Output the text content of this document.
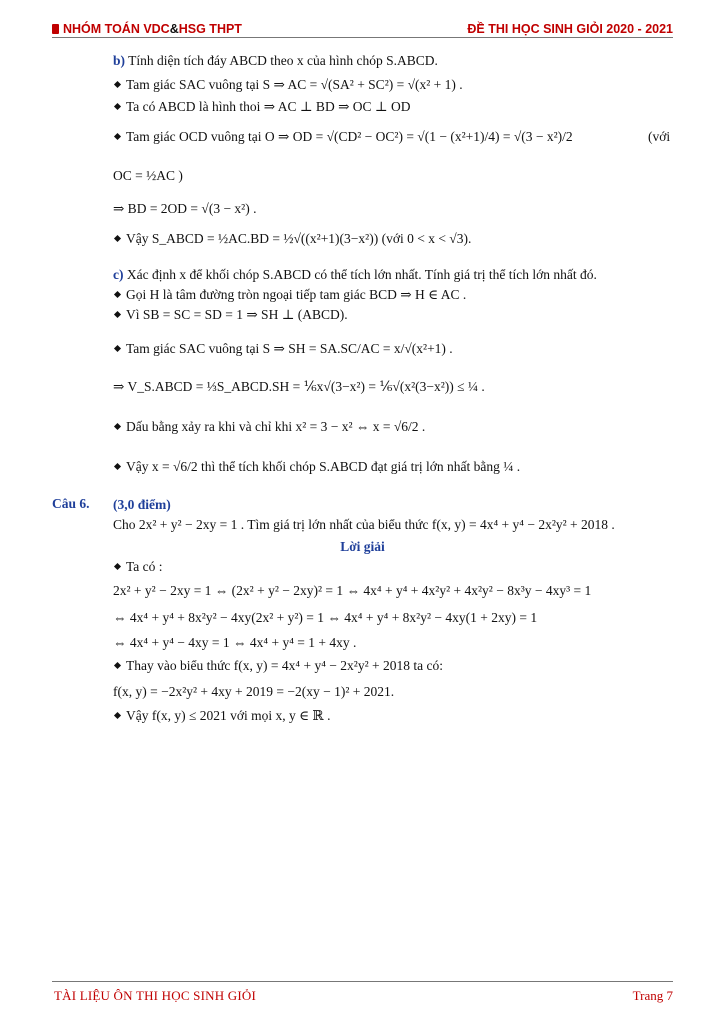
NHÓM TOÁN VDC&HSG THPT	ĐỀ THI HỌC SINH GIỎI 2020 - 2021
b) Tính diện tích đáy ABCD theo x của hình chóp S.ABCD.
Tam giác SAC vuông tại S ⇒ AC = √(SA² + SC²) = √(x² + 1) .
Ta có ABCD là hình thoi ⇒ AC ⊥ BD ⇒ OC ⊥ OD
Tam giác OCD vuông tại O ⇒ OD = √(CD² − OC²) = √(1 − (x²+1)/4) = √(3 − x²)/2	(với
OC = ½AC )
⇒ BD = 2OD = √(3 − x²) .
Vậy S_ABCD = ½AC.BD = ½√((x²+1)(3−x²)) (với 0 < x < √3).
c) Xác định x để khối chóp S.ABCD có thể tích lớn nhất. Tính giá trị thể tích lớn nhất đó.
Gọi H là tâm đường tròn ngoại tiếp tam giác BCD ⇒ H ∈ AC .
Vì SB = SC = SD = 1 ⇒ SH ⊥ (ABCD).
Tam giác SAC vuông tại S ⇒ SH = SA.SC/AC = x/√(x²+1) .
⇒ V_S.ABCD = ⅓S_ABCD.SH = ⅙x√(3−x²) = ⅙√(x²(3−x²)) ≤ ¼ .
Dấu bằng xảy ra khi và chỉ khi x² = 3 − x² ⇔ x = √6/2 .
Vậy x = √6/2 thì thể tích khối chóp S.ABCD đạt giá trị lớn nhất bằng ¼ .
Câu 6. (3,0 điểm)
Cho 2x² + y² − 2xy = 1 . Tìm giá trị lớn nhất của biểu thức f(x, y) = 4x⁴ + y⁴ − 2x²y² + 2018 .
Lời giải
Ta có :
2x² + y² − 2xy = 1 ⇔ (2x² + y² − 2xy)² = 1 ⇔ 4x⁴ + y⁴ + 4x²y² + 4x²y² − 8x³y − 4xy³ = 1
⇔ 4x⁴ + y⁴ + 8x²y² − 4xy(2x² + y²) = 1 ⇔ 4x⁴ + y⁴ + 8x²y² − 4xy(1 + 2xy) = 1
⇔ 4x⁴ + y⁴ − 4xy = 1 ⇔ 4x⁴ + y⁴ = 1 + 4xy .
Thay vào biểu thức f(x, y) = 4x⁴ + y⁴ − 2x²y² + 2018 ta có:
f(x, y) = −2x²y² + 4xy + 2019 = −2(xy − 1)² + 2021.
Vậy f(x, y) ≤ 2021 với mọi x, y ∈ ℝ .
TÀI LIỆU ÔN THI HỌC SINH GIỎI	Trang 7
